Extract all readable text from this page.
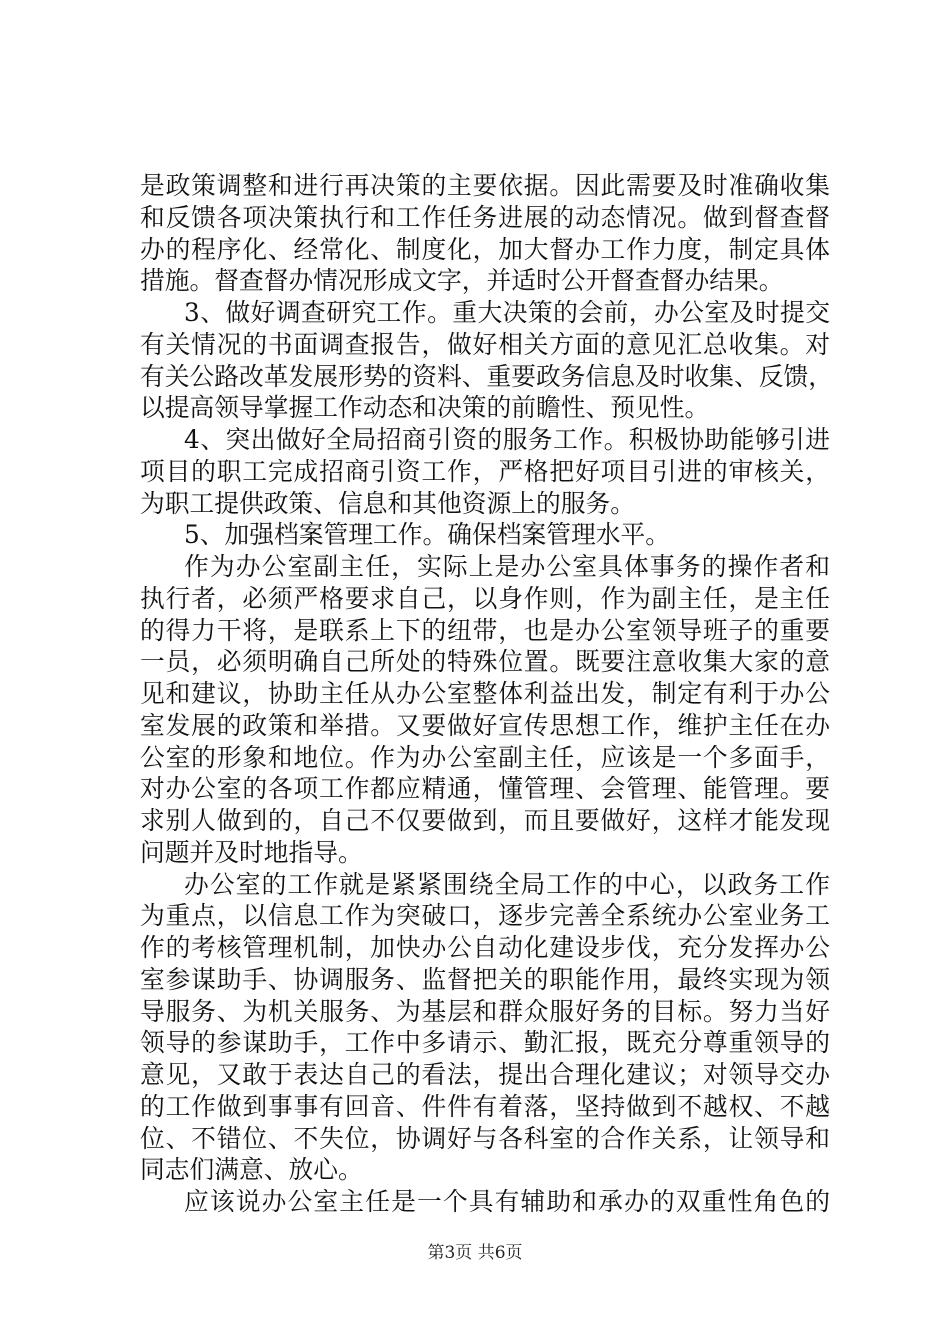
是政策调整和进行再决策的主要依据。因此需要及时准确收集
和反馈各项决策执行和工作任务进展的动态情况。做到督查督
办的程序化、经常化、制度化，加大督办工作力度，制定具体
措施。督查督办情况形成文字，并适时公开督查督办结果。
3、做好调查研究工作。重大决策的会前，办公室及时提交
有关情况的书面调查报告，做好相关方面的意见汇总收集。对
有关公路改革发展形势的资料、重要政务信息及时收集、反馈，
以提高领导掌握工作动态和决策的前瞻性、预见性。
4、突出做好全局招商引资的服务工作。积极协助能够引进
项目的职工完成招商引资工作，严格把好项目引进的审核关，
为职工提供政策、信息和其他资源上的服务。
5、加强档案管理工作。确保档案管理水平。
作为办公室副主任，实际上是办公室具体事务的操作者和
执行者，必须严格要求自己，以身作则，作为副主任，是主任
的得力干将，是联系上下的纽带，也是办公室领导班子的重要
一员，必须明确自己所处的特殊位置。既要注意收集大家的意
见和建议，协助主任从办公室整体利益出发，制定有利于办公
室发展的政策和举措。又要做好宣传思想工作，维护主任在办
公室的形象和地位。作为办公室副主任，应该是一个多面手，
对办公室的各项工作都应精通，懂管理、会管理、能管理。要
求别人做到的，自己不仅要做到，而且要做好，这样才能发现
问题并及时地指导。
办公室的工作就是紧紧围绕全局工作的中心，以政务工作
为重点，以信息工作为突破口，逐步完善全系统办公室业务工
作的考核管理机制，加快办公自动化建设步伐，充分发挥办公
室参谋助手、协调服务、监督把关的职能作用，最终实现为领
导服务、为机关服务、为基层和群众服好务的目标。努力当好
领导的参谋助手，工作中多请示、勤汇报，既充分尊重领导的
意见，又敢于表达自己的看法，提出合理化建议；对领导交办
的工作做到事事有回音、件件有着落，坚持做到不越权、不越
位、不错位、不失位，协调好与各科室的合作关系，让领导和
同志们满意、放心。
应该说办公室主任是一个具有辅助和承办的双重性角色的
第3页 共6页
